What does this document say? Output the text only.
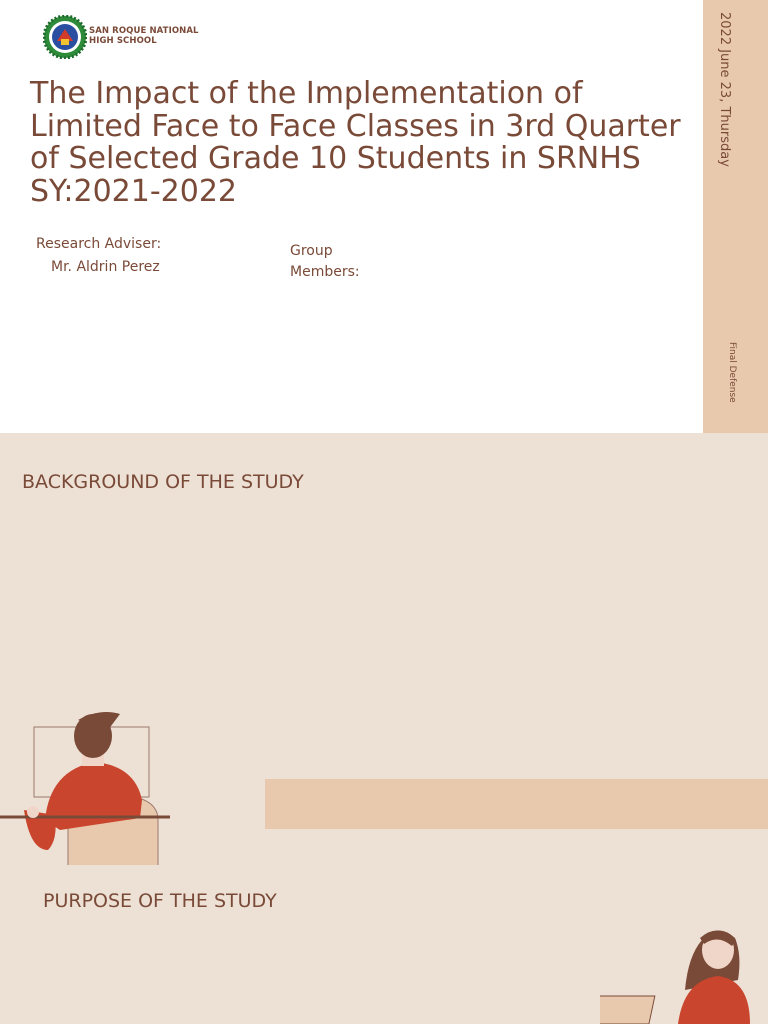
2022 June 23, Thursday
Final Defense
SAN ROQUE NATIONAL
HIGH SCHOOL
The Impact of the Implementation of Limited Face to Face Classes in 3rd Quarter of Selected Grade 10 Students in SRNHS SY:2021-2022
Research Adviser:
Mr. Aldrin Perez
Group Members:
BACKGROUND OF THE STUDY
PURPOSE OF THE STUDY
